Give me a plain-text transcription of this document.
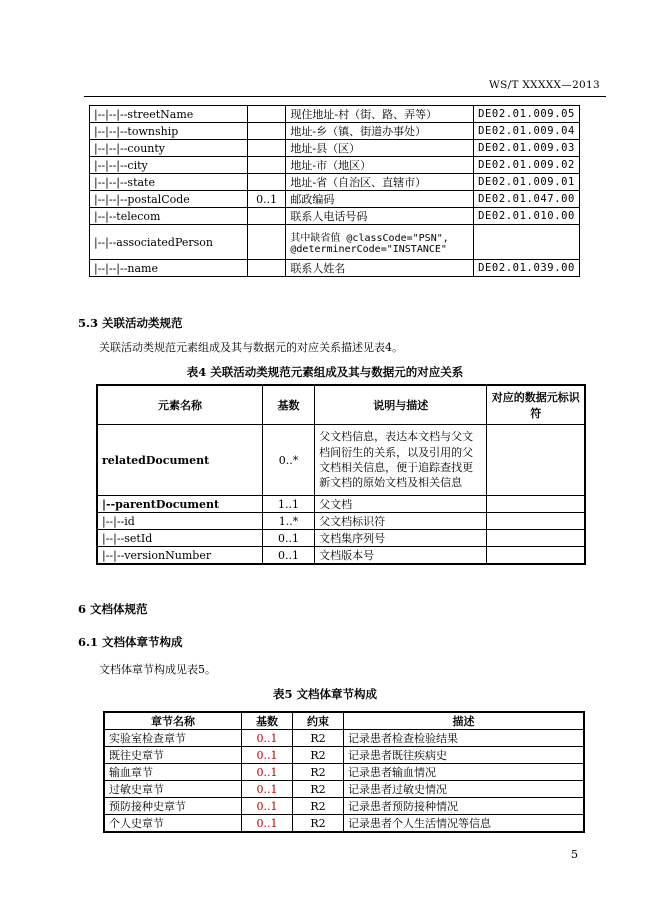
WS/T XXXXX—2013
|--|--|--streetName		现住地址-村（街、路、弄等）	DE02.01.009.05
|--|--|--township		地址-乡（镇、街道办事处）	DE02.01.009.04
|--|--|--county		地址-县（区）	DE02.01.009.03
|--|--|--city		地址-市（地区）	DE02.01.009.02
|--|--|--state		地址-省（自治区、直辖市）	DE02.01.009.01
|--|--|--postalCode	0..1	邮政编码	DE02.01.047.00
|--|--telecom		联系人电话号码	DE02.01.010.00
|--|--associatedPerson		其中缺省值 @classCode="PSN", @determinerCode="INSTANCE"	
|--|--|--name		联系人姓名	DE02.01.039.00
5.3 关联活动类规范
关联活动类规范元素组成及其与数据元的对应关系描述见表4。
表4 关联活动类规范元素组成及其与数据元的对应关系
元素名称	基数	说明与描述	对应的数据元标识符
relatedDocument	0..*	父文档信息，表达本文档与父文档间衍生的关系，以及引用的父文档相关信息，便于追踪查找更新文档的原始文档及相关信息	
|--parentDocument	1..1	父文档	
|--|--id	1..*	父文档标识符	
|--|--setId	0..1	文档集序列号	
|--|--versionNumber	0..1	文档版本号	
6 文档体规范
6.1 文档体章节构成
文档体章节构成见表5。
表5 文档体章节构成
章节名称	基数	约束	描述
实验室检查章节	0..1	R2	记录患者检查检验结果
既往史章节	0..1	R2	记录患者既往疾病史
输血章节	0..1	R2	记录患者输血情况
过敏史章节	0..1	R2	记录患者过敏史情况
预防接种史章节	0..1	R2	记录患者预防接种情况
个人史章节	0..1	R2	记录患者个人生活情况等信息
5
